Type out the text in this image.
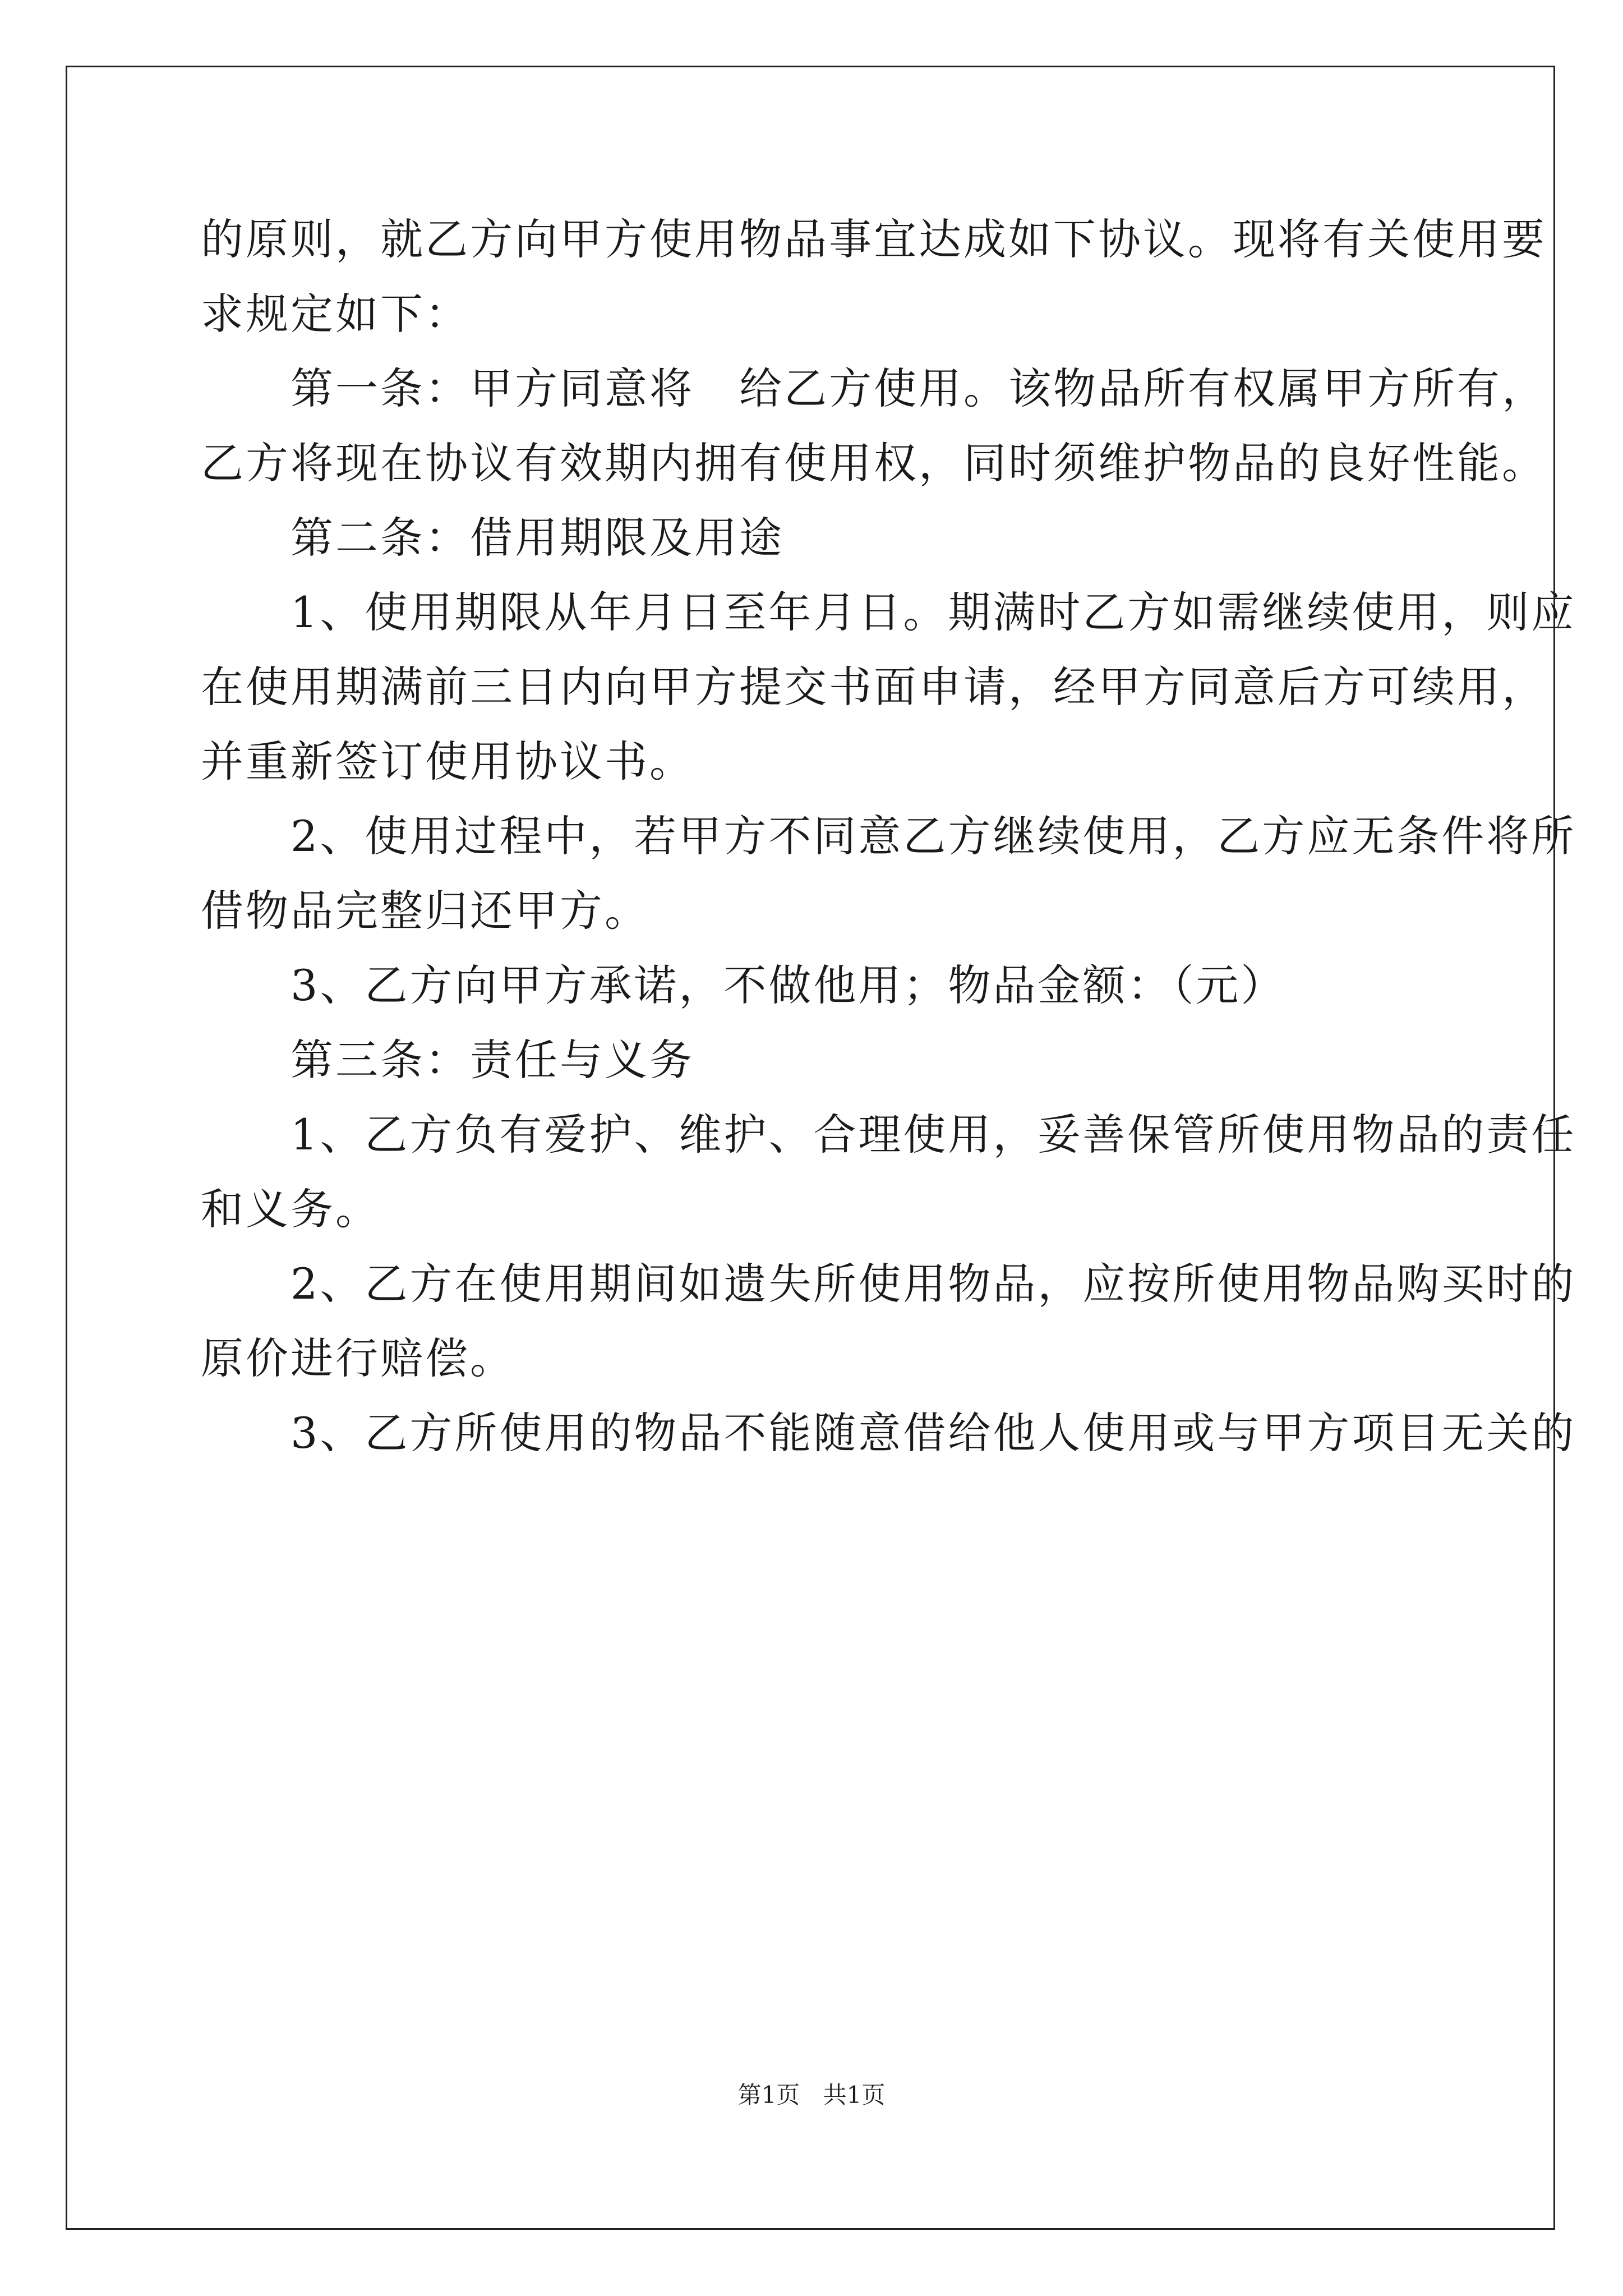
的原则，就乙方向甲方使用物品事宜达成如下协议。现将有关使用要
求规定如下：
　　第一条：甲方同意将　给乙方使用。该物品所有权属甲方所有，
乙方将现在协议有效期内拥有使用权，同时须维护物品的良好性能。
　　第二条：借用期限及用途
　　1、使用期限从年月日至年月日。期满时乙方如需继续使用，则应
在使用期满前三日内向甲方提交书面申请，经甲方同意后方可续用，
并重新签订使用协议书。
　　2、使用过程中，若甲方不同意乙方继续使用，乙方应无条件将所
借物品完整归还甲方。
　　3、乙方向甲方承诺，不做他用；物品金额：（元）
　　第三条：责任与义务
　　1、乙方负有爱护、维护、合理使用，妥善保管所使用物品的责任
和义务。
　　2、乙方在使用期间如遗失所使用物品，应按所使用物品购买时的
原价进行赔偿。
　　3、乙方所使用的物品不能随意借给他人使用或与甲方项目无关的
第1页 共1页
